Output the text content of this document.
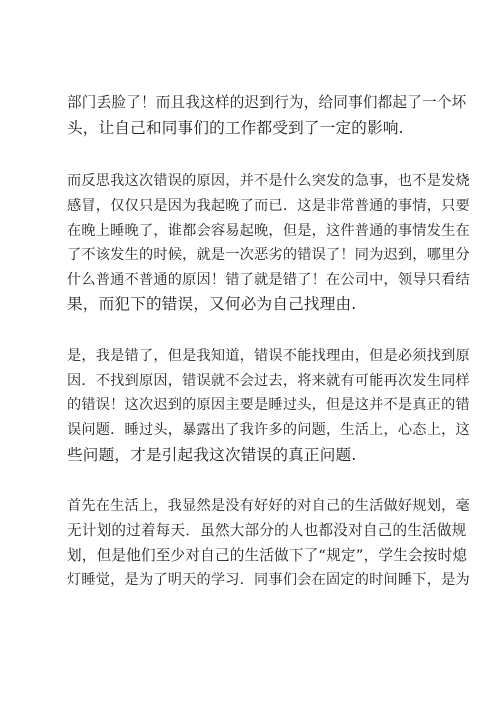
部门丢脸了！而且我这样的迟到行为，给同事们都起了一个坏

头，让自己和同事们的工作都受到了一定的影响.

而反思我这次错误的原因，并不是什么突发的急事，也不是发烧

感冒，仅仅只是因为我起晚了而已．这是非常普通的事情，只要

在晚上睡晚了，谁都会容易起晚，但是，这件普通的事情发生在

了不该发生的时候，就是一次恶劣的错误了！同为迟到，哪里分

什么普通不普通的原因！错了就是错了！在公司中，领导只看结

果，而犯下的错误，又何必为自己找理由.

是，我是错了，但是我知道，错误不能找理由，但是必须找到原

因．不找到原因，错误就不会过去，将来就有可能再次发生同样

的错误！这次迟到的原因主要是睡过头，但是这并不是真正的错

误问题．睡过头，暴露出了我许多的问题，生活上，心态上，这

些问题，才是引起我这次错误的真正问题.

首先在生活上，我显然是没有好好的对自己的生活做好规划，毫

无计划的过着每天．虽然大部分的人也都没对自己的生活做规

划，但是他们至少对自己的生活做下了“规定”，学生会按时熄

灯睡觉，是为了明天的学习．同事们会在固定的时间睡下，是为
